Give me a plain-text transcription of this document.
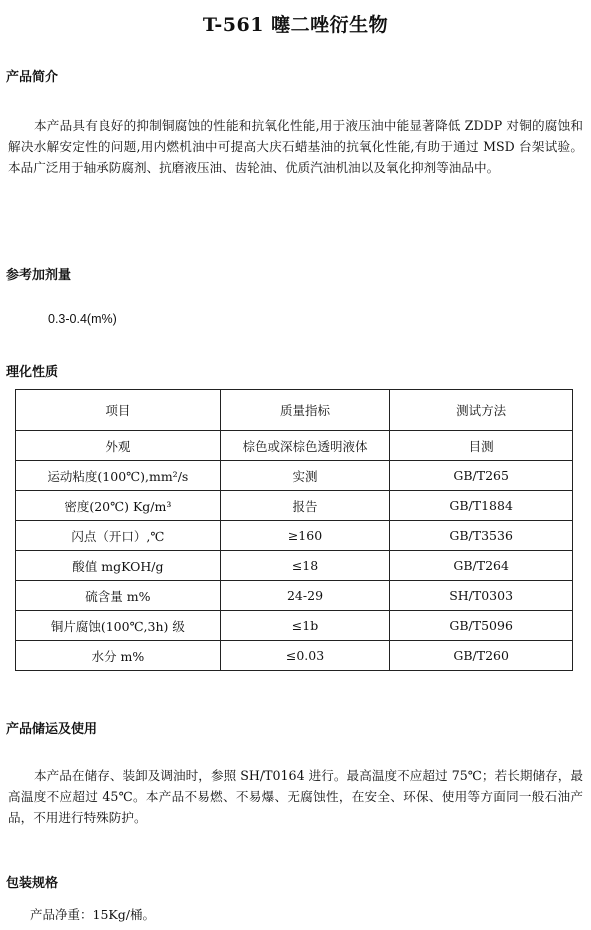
T-561 噻二唑衍生物
产品简介
本产品具有良好的抑制铜腐蚀的性能和抗氧化性能,用于液压油中能显著降低 ZDDP 对铜的腐蚀和解决水解安定性的问题,用内燃机油中可提高大庆石蜡基油的抗氧化性能,有助于通过 MSD 台架试验。本品广泛用于轴承防腐剂、抗磨液压油、齿轮油、优质汽油机油以及氧化抑剂等油品中。
参考加剂量
0.3-0.4(m%)
理化性质
项目	质量指标	测试方法
外观	棕色或深棕色透明液体	目测
运动粘度(100℃),mm²/s	实测	GB/T265
密度(20℃) Kg/m³	报告	GB/T1884
闪点（开口）,℃	≥160	GB/T3536
酸值 mgKOH/g	≤18	GB/T264
硫含量 m%	24-29	SH/T0303
铜片腐蚀(100℃,3h) 级	≤1b	GB/T5096
水分 m%	≤0.03	GB/T260
产品储运及使用
本产品在储存、装卸及调油时，参照 SH/T0164 进行。最高温度不应超过 75℃；若长期储存，最高温度不应超过 45℃。本产品不易燃、不易爆、无腐蚀性，在安全、环保、使用等方面同一般石油产品，不用进行特殊防护。
包装规格
产品净重：15Kg/桶。
